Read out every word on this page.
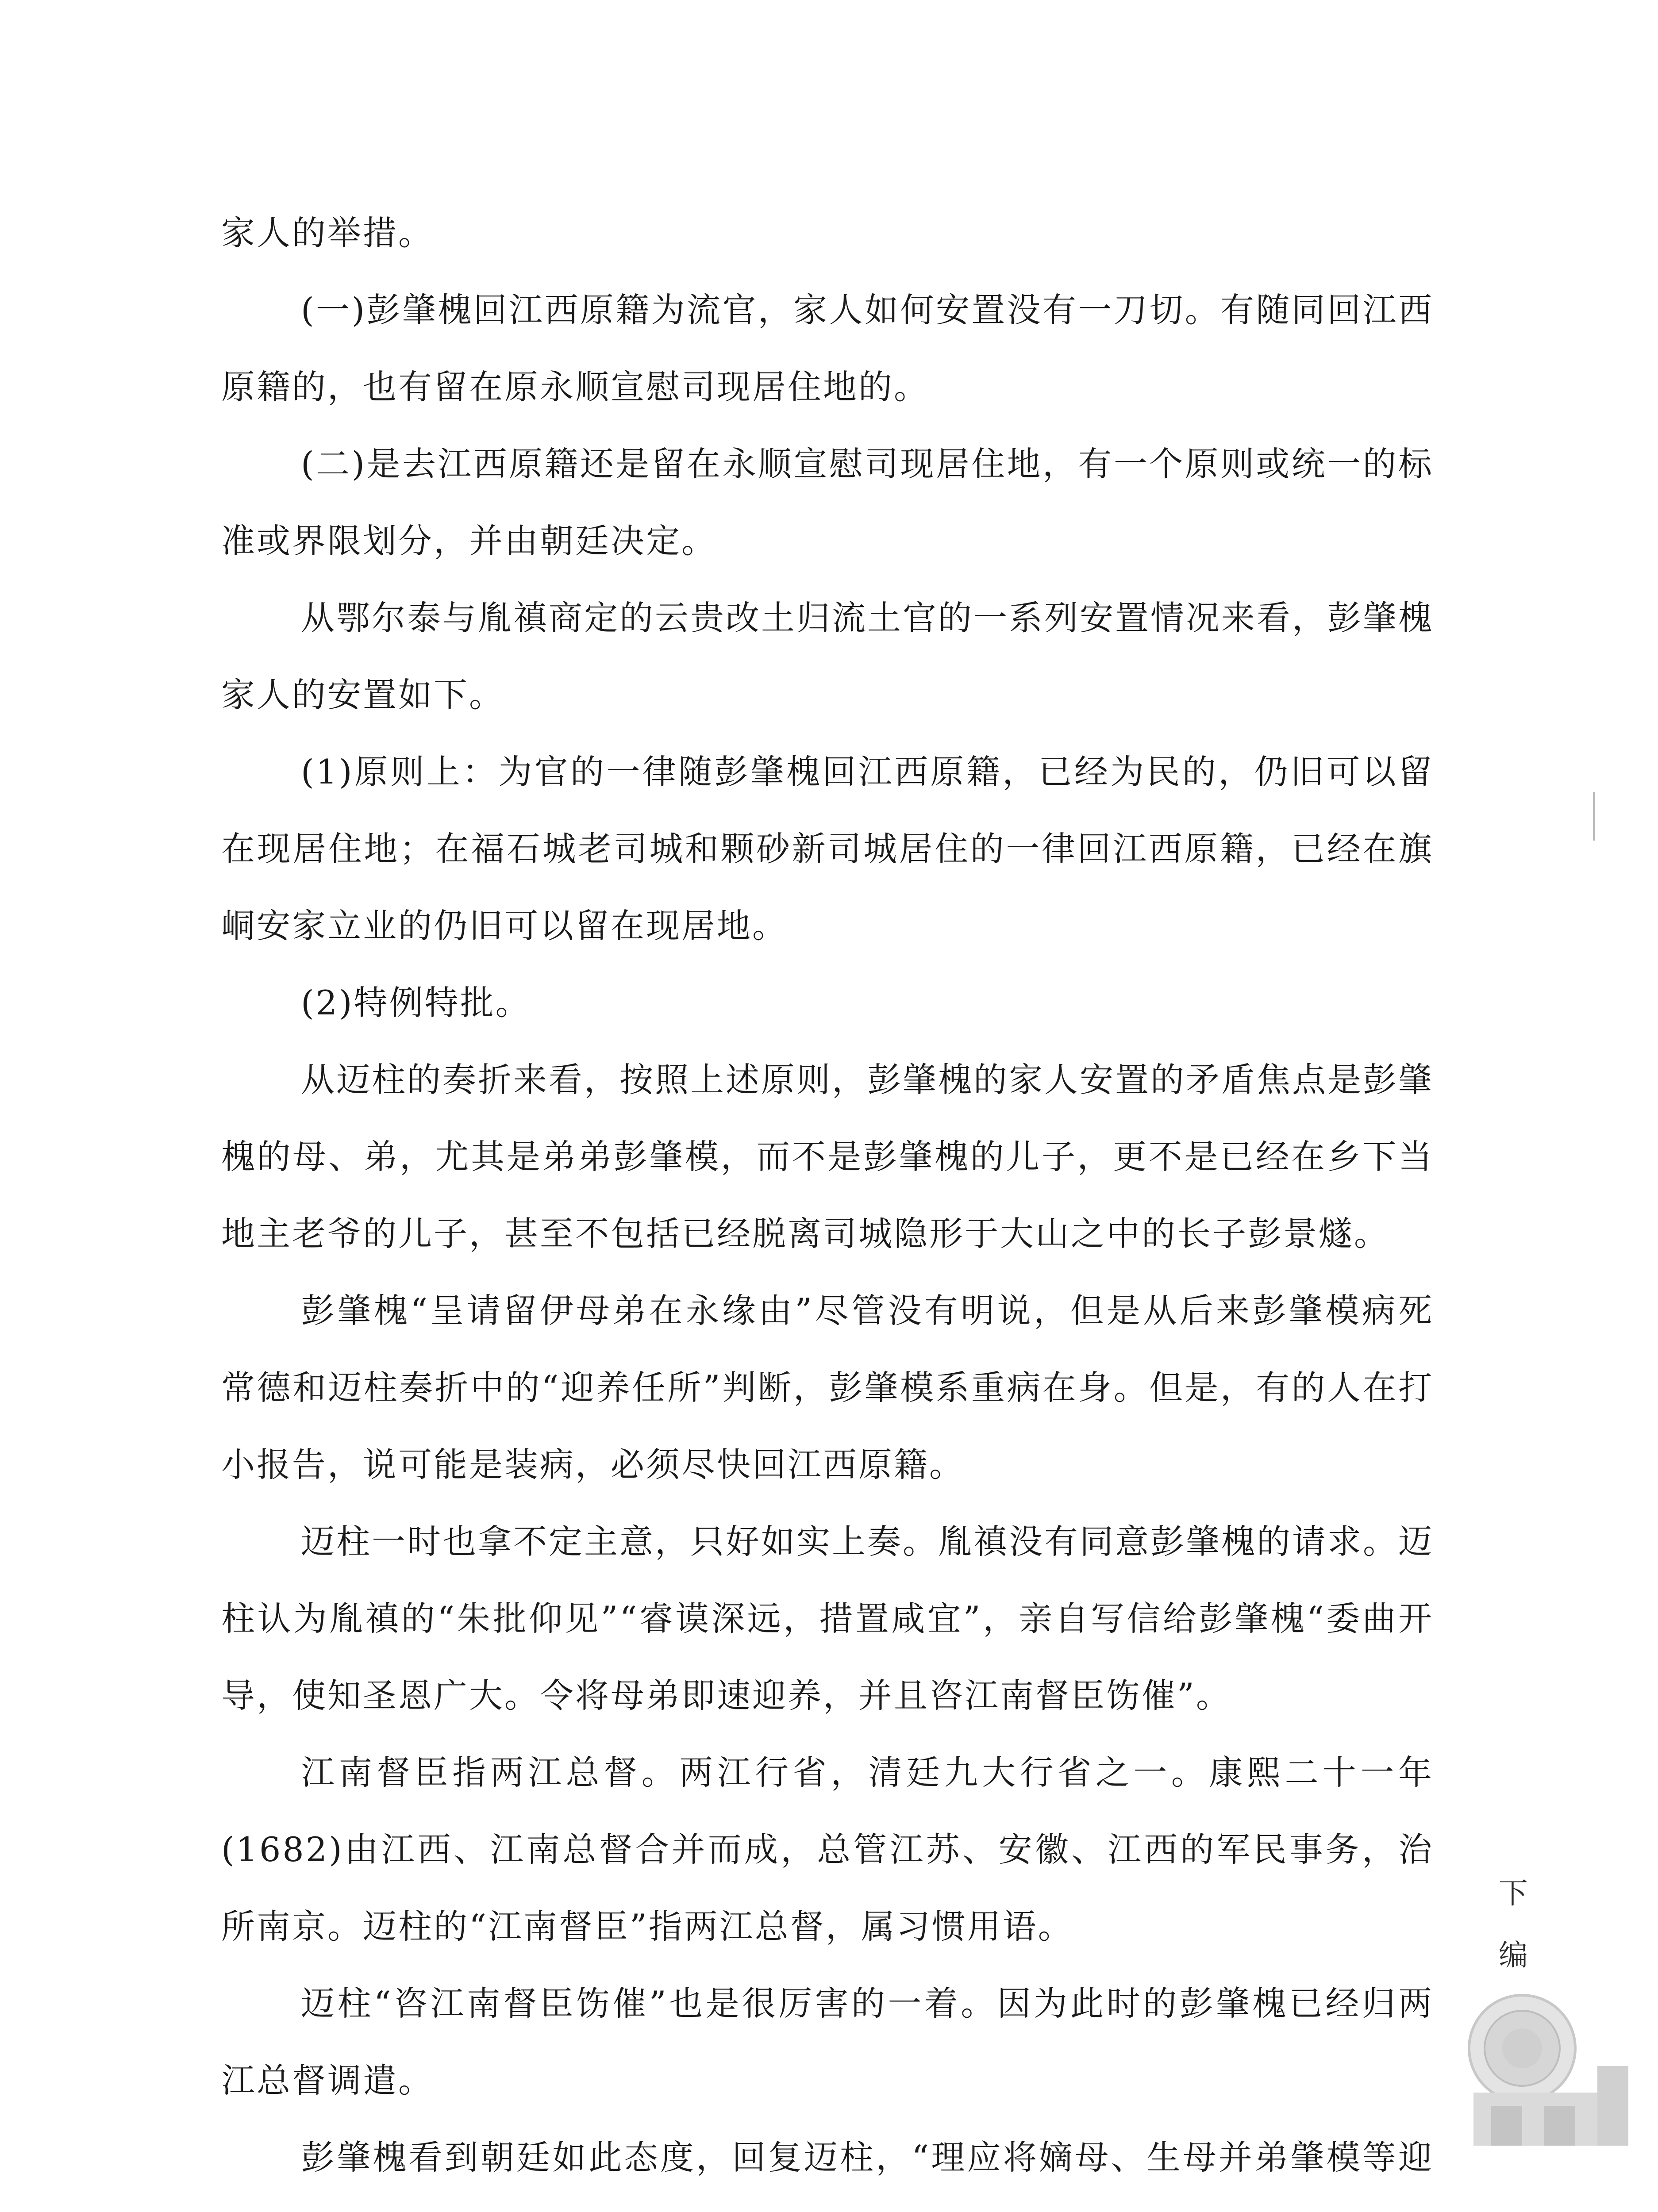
家人的举措。

(一)彭肇槐回江西原籍为流官，家人如何安置没有一刀切。有随同回江西原籍的，也有留在原永顺宣慰司现居住地的。

(二)是去江西原籍还是留在永顺宣慰司现居住地，有一个原则或统一的标准或界限划分，并由朝廷决定。

从鄂尔泰与胤禛商定的云贵改土归流土官的一系列安置情况来看，彭肇槐家人的安置如下。

(1)原则上：为官的一律随彭肇槐回江西原籍，已经为民的，仍旧可以留在现居住地；在福石城老司城和颗砂新司城居住的一律回江西原籍，已经在旗峒安家立业的仍旧可以留在现居地。

(2)特例特批。

从迈柱的奏折来看，按照上述原则，彭肇槐的家人安置的矛盾焦点是彭肇槐的母、弟，尤其是弟弟彭肇模，而不是彭肇槐的儿子，更不是已经在乡下当地主老爷的儿子，甚至不包括已经脱离司城隐形于大山之中的长子彭景燧。

彭肇槐“呈请留伊母弟在永缘由”尽管没有明说，但是从后来彭肇模病死常德和迈柱奏折中的“迎养任所”判断，彭肇模系重病在身。但是，有的人在打小报告，说可能是装病，必须尽快回江西原籍。

迈柱一时也拿不定主意，只好如实上奏。胤禛没有同意彭肇槐的请求。迈柱认为胤禛的“朱批仰见”“睿谟深远，措置咸宜”，亲自写信给彭肇槐“委曲开导，使知圣恩广大。令将母弟即速迎养，并且咨江南督臣饬催”。

江南督臣指两江总督。两江行省，清廷九大行省之一。康熙二十一年(1682)由江西、江南总督合并而成，总管江苏、安徽、江西的军民事务，治所南京。迈柱的“江南督臣”指两江总督，属习惯用语。

迈柱“咨江南督臣饬催”也是很厉害的一着。因为此时的彭肇槐已经归两江总督调遣。

彭肇槐看到朝廷如此态度，回复迈柱，“理应将嫡母、生母并弟肇模等迎

下
编
